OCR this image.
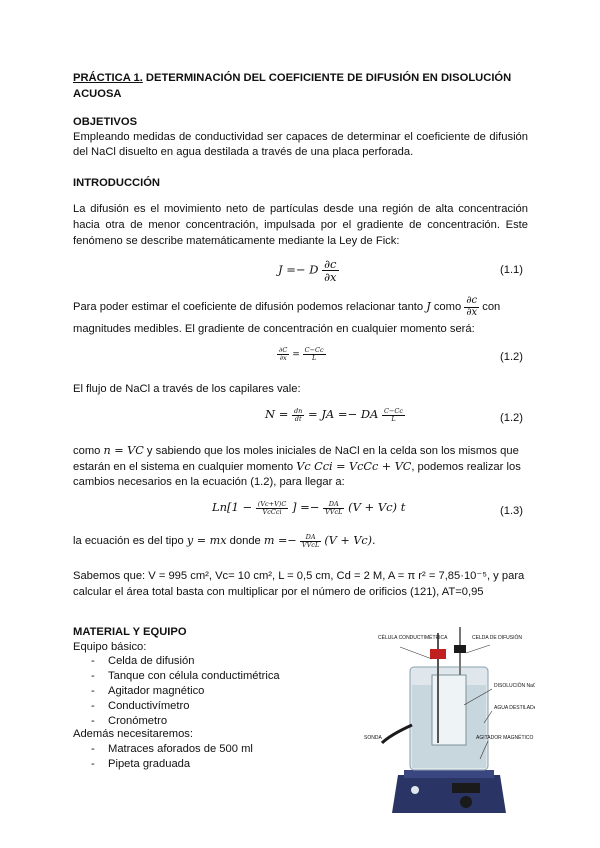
PRÁCTICA 1. DETERMINACIÓN DEL COEFICIENTE DE DIFUSIÓN EN DISOLUCIÓN
ACUOSA
OBJETIVOS
Empleando medidas de conductividad ser capaces de determinar el coeficiente de difusión del NaCl disuelto en agua destilada a través de una placa perforada.
INTRODUCCIÓN
La difusión es el movimiento neto de partículas desde una región de alta concentración hacia otra de menor concentración, impulsada por el gradiente de concentración. Este fenómeno se describe matemáticamente mediante la Ley de Fick:
J =− D $\frac{\partial c}{\partial x}$	(1.1)
Para poder estimar el coeficiente de difusión podemos relacionar tanto J como $\frac{\partial c}{\partial x}$ con
magnitudes medibles. El gradiente de concentración en cualquier momento será:
$\frac{\partial C}{\partial x} = \frac{C-Cc}{L}$	(1.2)
El flujo de NaCl a través de los capilares vale:
$N = \frac{dn}{dt}$ = JA =− DA $\frac{C-Cc}{L}$	(1.2)
como n = VC y sabiendo que los moles iniciales de NaCl en la celda son los mismos que
estarán en el sistema en cualquier momento Vc Cci = VcCc + VC, podemos realizar los
cambios necesarios en la ecuación (1.2), para llegar a:
$Ln[1 - \frac{(Vc+V)C}{\text{VcCci}}$ ] =− $\frac{DA}{\text{VVcL}} (V + Vc)$ t	(1.3)
la ecuación es del tipo y = mx donde $m =- \frac{DA}{\text{VVcL}} (V + Vc)$.
Sabemos que: V = 995 cm², Vc= 10 cm², L = 0,5 cm, Cd = 2 M, A = π r² = 7,85·10⁻⁵, y para
calcular el área total basta con multiplicar por el número de orificios (121), AT=0,95
MATERIAL Y EQUIPO
Equipo básico:
- Celda de difusión
- Tanque con célula conductimétrica
- Agitador magnético
- Conductivímetro
- Cronómetro
Además necesitaremos:
- Matraces aforados de 500 ml
- Pipeta graduada
CÉLULA CONDUCTIMÉTRICA	CELDA DE DIFUSIÓN
DISOLUCIÓN NaCl
AGUA DESTILADA
SONDA	AGITADOR MAGNÉTICO
